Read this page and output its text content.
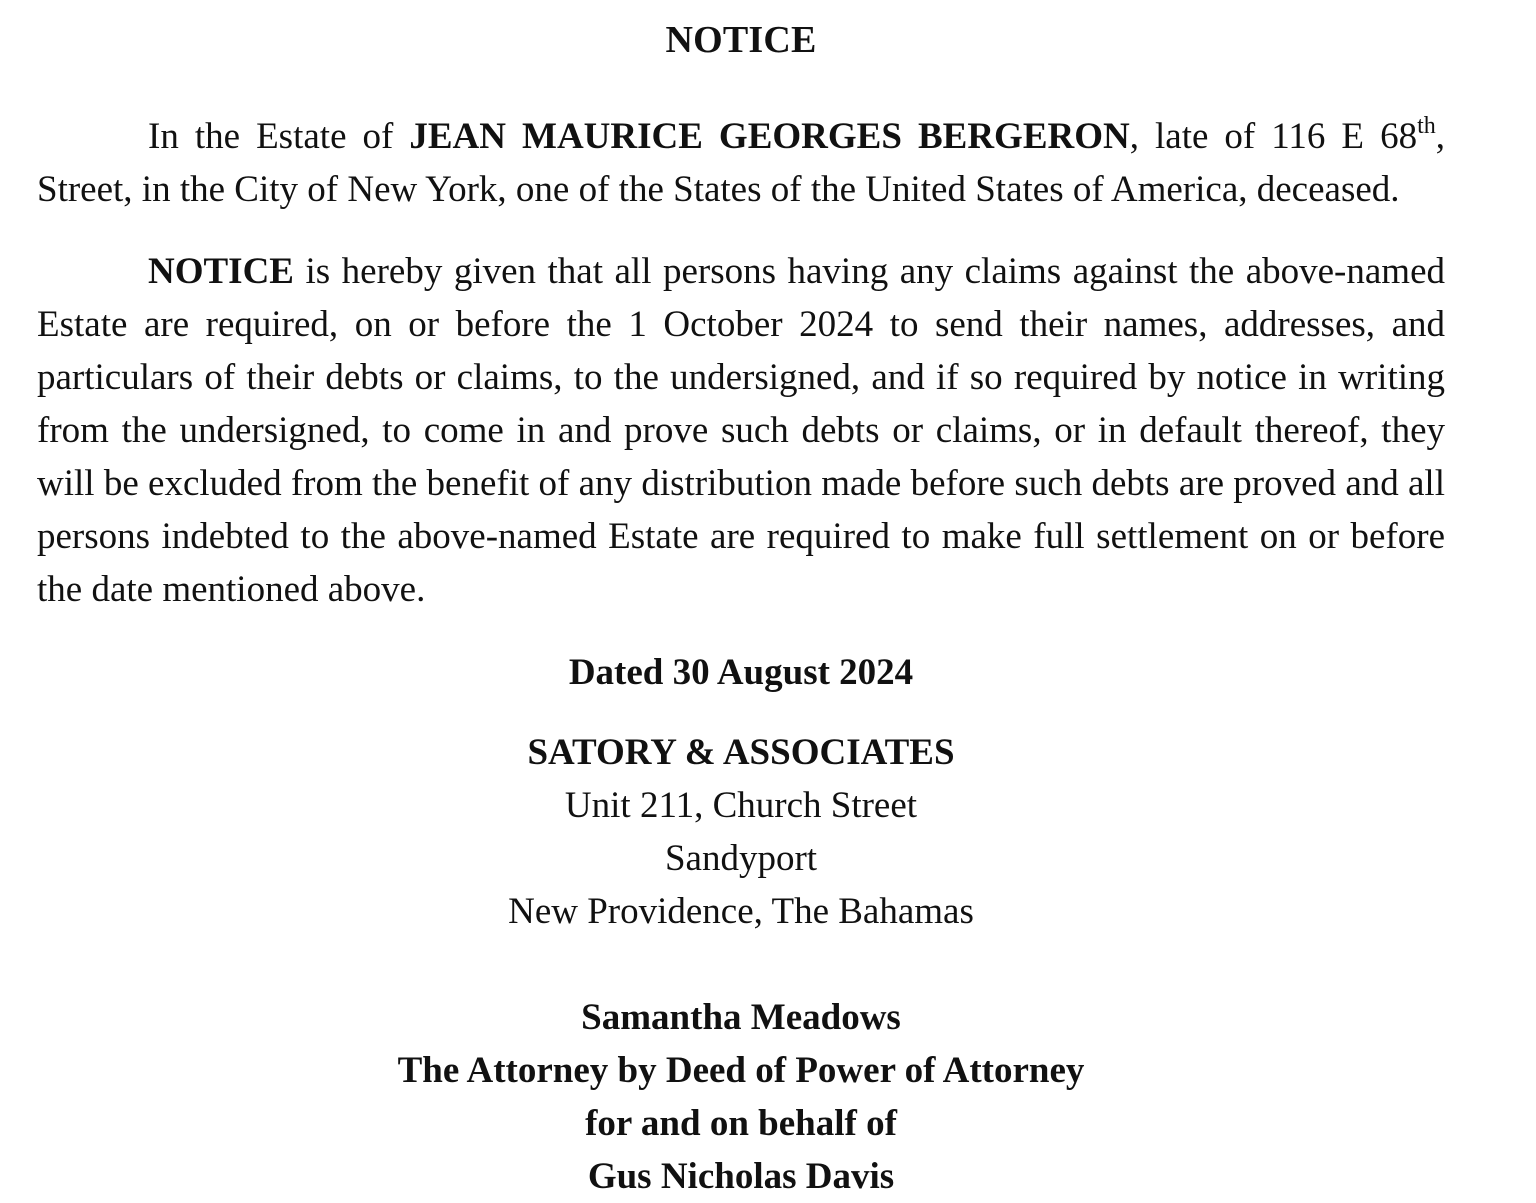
NOTICE

In the Estate of JEAN MAURICE GEORGES BERGERON, late of 116 E 68th, Street, in the City of New York, one of the States of the United States of America, deceased.

NOTICE is hereby given that all persons having any claims against the above-named Estate are required, on or before the 1 October 2024 to send their names, addresses, and particulars of their debts or claims, to the undersigned, and if so required by notice in writing from the undersigned, to come in and prove such debts or claims, or in default thereof, they will be excluded from the benefit of any distribution made before such debts are proved and all persons indebted to the above-named Estate are required to make full settlement on or before the date mentioned above.

Dated 30 August 2024

SATORY & ASSOCIATES
Unit 211, Church Street
Sandyport
New Providence, The Bahamas
Samantha Meadows
The Attorney by Deed of Power of Attorney
for and on behalf of
Gus Nicholas Davis
